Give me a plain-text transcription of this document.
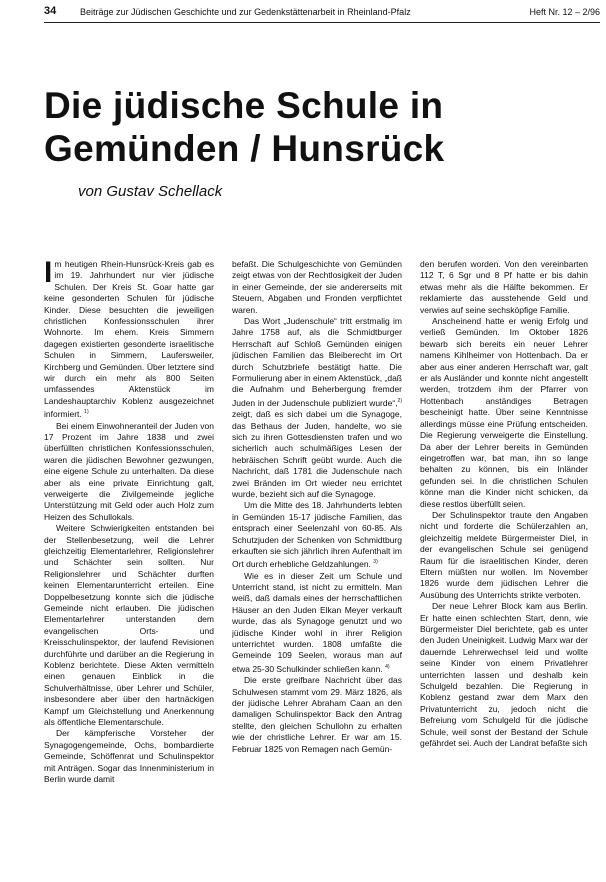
34	Beiträge zur Jüdischen Geschichte und zur Gedenkstättenarbeit in Rheinland-Pfalz	Heft Nr. 12 – 2/96
Die jüdische Schule in
Gemünden / Hunsrück
von Gustav Schellack

Im heutigen Rhein-Hunsrück-Kreis gab es im 19. Jahrhundert nur vier jüdische Schulen. Der Kreis St. Goar hatte gar keine gesonderten Schulen für jüdische Kinder. Diese besuchten die jeweiligen christlichen Konfessionsschulen ihrer Wohnorte. Im ehem. Kreis Simmern dagegen existierten gesonderte israelitische Schulen in Simmern, Laufersweiler, Kirchberg und Gemünden. Über letztere sind wir durch ein mehr als 800 Seiten umfassendes Aktenstück im Landeshauptarchiv Koblenz ausgezeichnet informiert. $^{1)}$

Bei einem Einwohneranteil der Juden von 17 Prozent im Jahre 1838 und zwei überfüllten christlichen Konfessionsschulen, waren die jüdischen Bewohner gezwungen, eine eigene Schule zu unterhalten. Da diese aber als eine private Einrichtung galt, verweigerte die Zivilgemeinde jegliche Unterstützung mit Geld oder auch Holz zum Heizen des Schullokals.

Weitere Schwierigkeiten entstanden bei der Stellenbesetzung, weil die Lehrer gleichzeitig Elementarlehrer, Religionslehrer und Schächter sein sollten. Nur Religionslehrer und Schächter durften keinen Elementarunterricht erteilen. Eine Doppelbesetzung konnte sich die jüdische Gemeinde nicht erlauben. Die jüdischen Elementarlehrer unterstanden dem evangelischen Orts- und Kreisschulinspektor, der laufend Revisionen durchführte und darüber an die Regierung in Koblenz berichtete. Diese Akten vermitteln einen genauen Einblick in die Schulverhältnisse, über Lehrer und Schüler, insbesondere aber über den hartnäckigen Kampf um Gleichstellung und Anerkennung als öffentliche Elementarschule.

Der kämpferische Vorsteher der Synagogengemeinde, Ochs, bombardierte Gemeinde, Schöffenrat und Schulinspektor mit Anträgen. Sogar das Innenministerium in Berlin wurde damit

befaßt. Die Schulgeschichte von Gemünden zeigt etwas von der Rechtlosigkeit der Juden in einer Gemeinde, der sie andererseits mit Steuern, Abgaben und Fronden verpflichtet waren.

Das Wort „Judenschule“ tritt erstmalig im Jahre 1758 auf, als die Schmidtburger Herrschaft auf Schloß Gemünden einigen jüdischen Familien das Bleiberecht im Ort durch Schutzbriefe bestätigt hatte. Die Formulierung aber in einem Aktenstück, „daß die Aufnahm und Beherbergung fremder Juden in der Judenschule publiziert wurde“,$^{2)}$ zeigt, daß es sich dabei um die Synagoge, das Bethaus der Juden, handelte, wo sie sich zu ihren Gottesdiensten trafen und wo sicherlich auch schulmäßiges Lesen der hebräischen Schrift geübt wurde. Auch die Nachricht, daß 1781 die Judenschule nach zwei Bränden im Ort wieder neu errichtet wurde, bezieht sich auf die Synagoge.

Um die Mitte des 18. Jahrhunderts lebten in Gemünden 15-17 jüdische Familien, das entsprach einer Seelenzahl von 60-85. Als Schutzjuden der Schenken von Schmidtburg erkauften sie sich jährlich ihren Aufenthalt im Ort durch erhebliche Geldzahlungen. $^{3)}$

Wie es in dieser Zeit um Schule und Unterricht stand, ist nicht zu ermitteln. Man weiß, daß damals eines der herrschaftlichen Häuser an den Juden Elkan Meyer verkauft wurde, das als Synagoge genutzt und wo jüdische Kinder wohl in ihrer Religion unterrichtet wurden. 1808 umfaßte die Gemeinde 109 Seelen, woraus man auf etwa 25-30 Schulkinder schließen kann. $^{4)}$

Die erste greifbare Nachricht über das Schulwesen stammt vom 29. März 1826, als der jüdische Lehrer Abraham Caan an den damaligen Schulinspektor Back den Antrag stellte, den gleichen Schullohn zu erhalten wie der christliche Lehrer. Er war am 15. Februar 1825 von Remagen nach Gemün-

den berufen worden. Von den vereinbarten 112 T, 6 Sgr und 8 Pf hatte er bis dahin etwas mehr als die Hälfte bekommen. Er reklamierte das ausstehende Geld und verwies auf seine sechsköpfige Familie.

Anscheinend hatte er wenig Erfolg und verließ Gemünden. Im Oktober 1826 bewarb sich bereits ein neuer Lehrer namens Kihlheimer von Hottenbach. Da er aber aus einer anderen Herrschaft war, galt er als Ausländer und konnte nicht angestellt werden, trotzdem ihm der Pfarrer von Hottenbach anständiges Betragen bescheinigt hatte. Über seine Kenntnisse allerdings müsse eine Prüfung entscheiden. Die Regierung verweigerte die Einstellung. Da aber der Lehrer bereits in Gemünden eingetroffen war, bat man, ihn so lange behalten zu können, bis ein Inländer gefunden sei. In die christlichen Schulen könne man die Kinder nicht schicken, da diese restlos überfüllt seien.

Der Schulinspektor traute den Angaben nicht und forderte die Schülerzahlen an, gleichzeitig meldete Bürgermeister Diel, in der evangelischen Schule sei genügend Raum für die israelitischen Kinder, deren Eltern müßten nur wollen. Im November 1826 wurde dem jüdischen Lehrer die Ausübung des Unterrichts strikte verboten.

Der neue Lehrer Block kam aus Berlin. Er hatte einen schlechten Start, denn, wie Bürgermeister Diel berichtete, gab es unter den Juden Uneinigkeit. Ludwig Marx war der dauernde Lehrerwechsel leid und wollte seine Kinder von einem Privatlehrer unterrichten lassen und deshalb kein Schulgeld bezahlen. Die Regierung in Koblenz gestand zwar dem Marx den Privatunterricht zu, jedoch nicht die Befreiung vom Schulgeld für die jüdische Schule, weil sonst der Bestand der Schule gefährdet sei. Auch der Landrat befaßte sich
